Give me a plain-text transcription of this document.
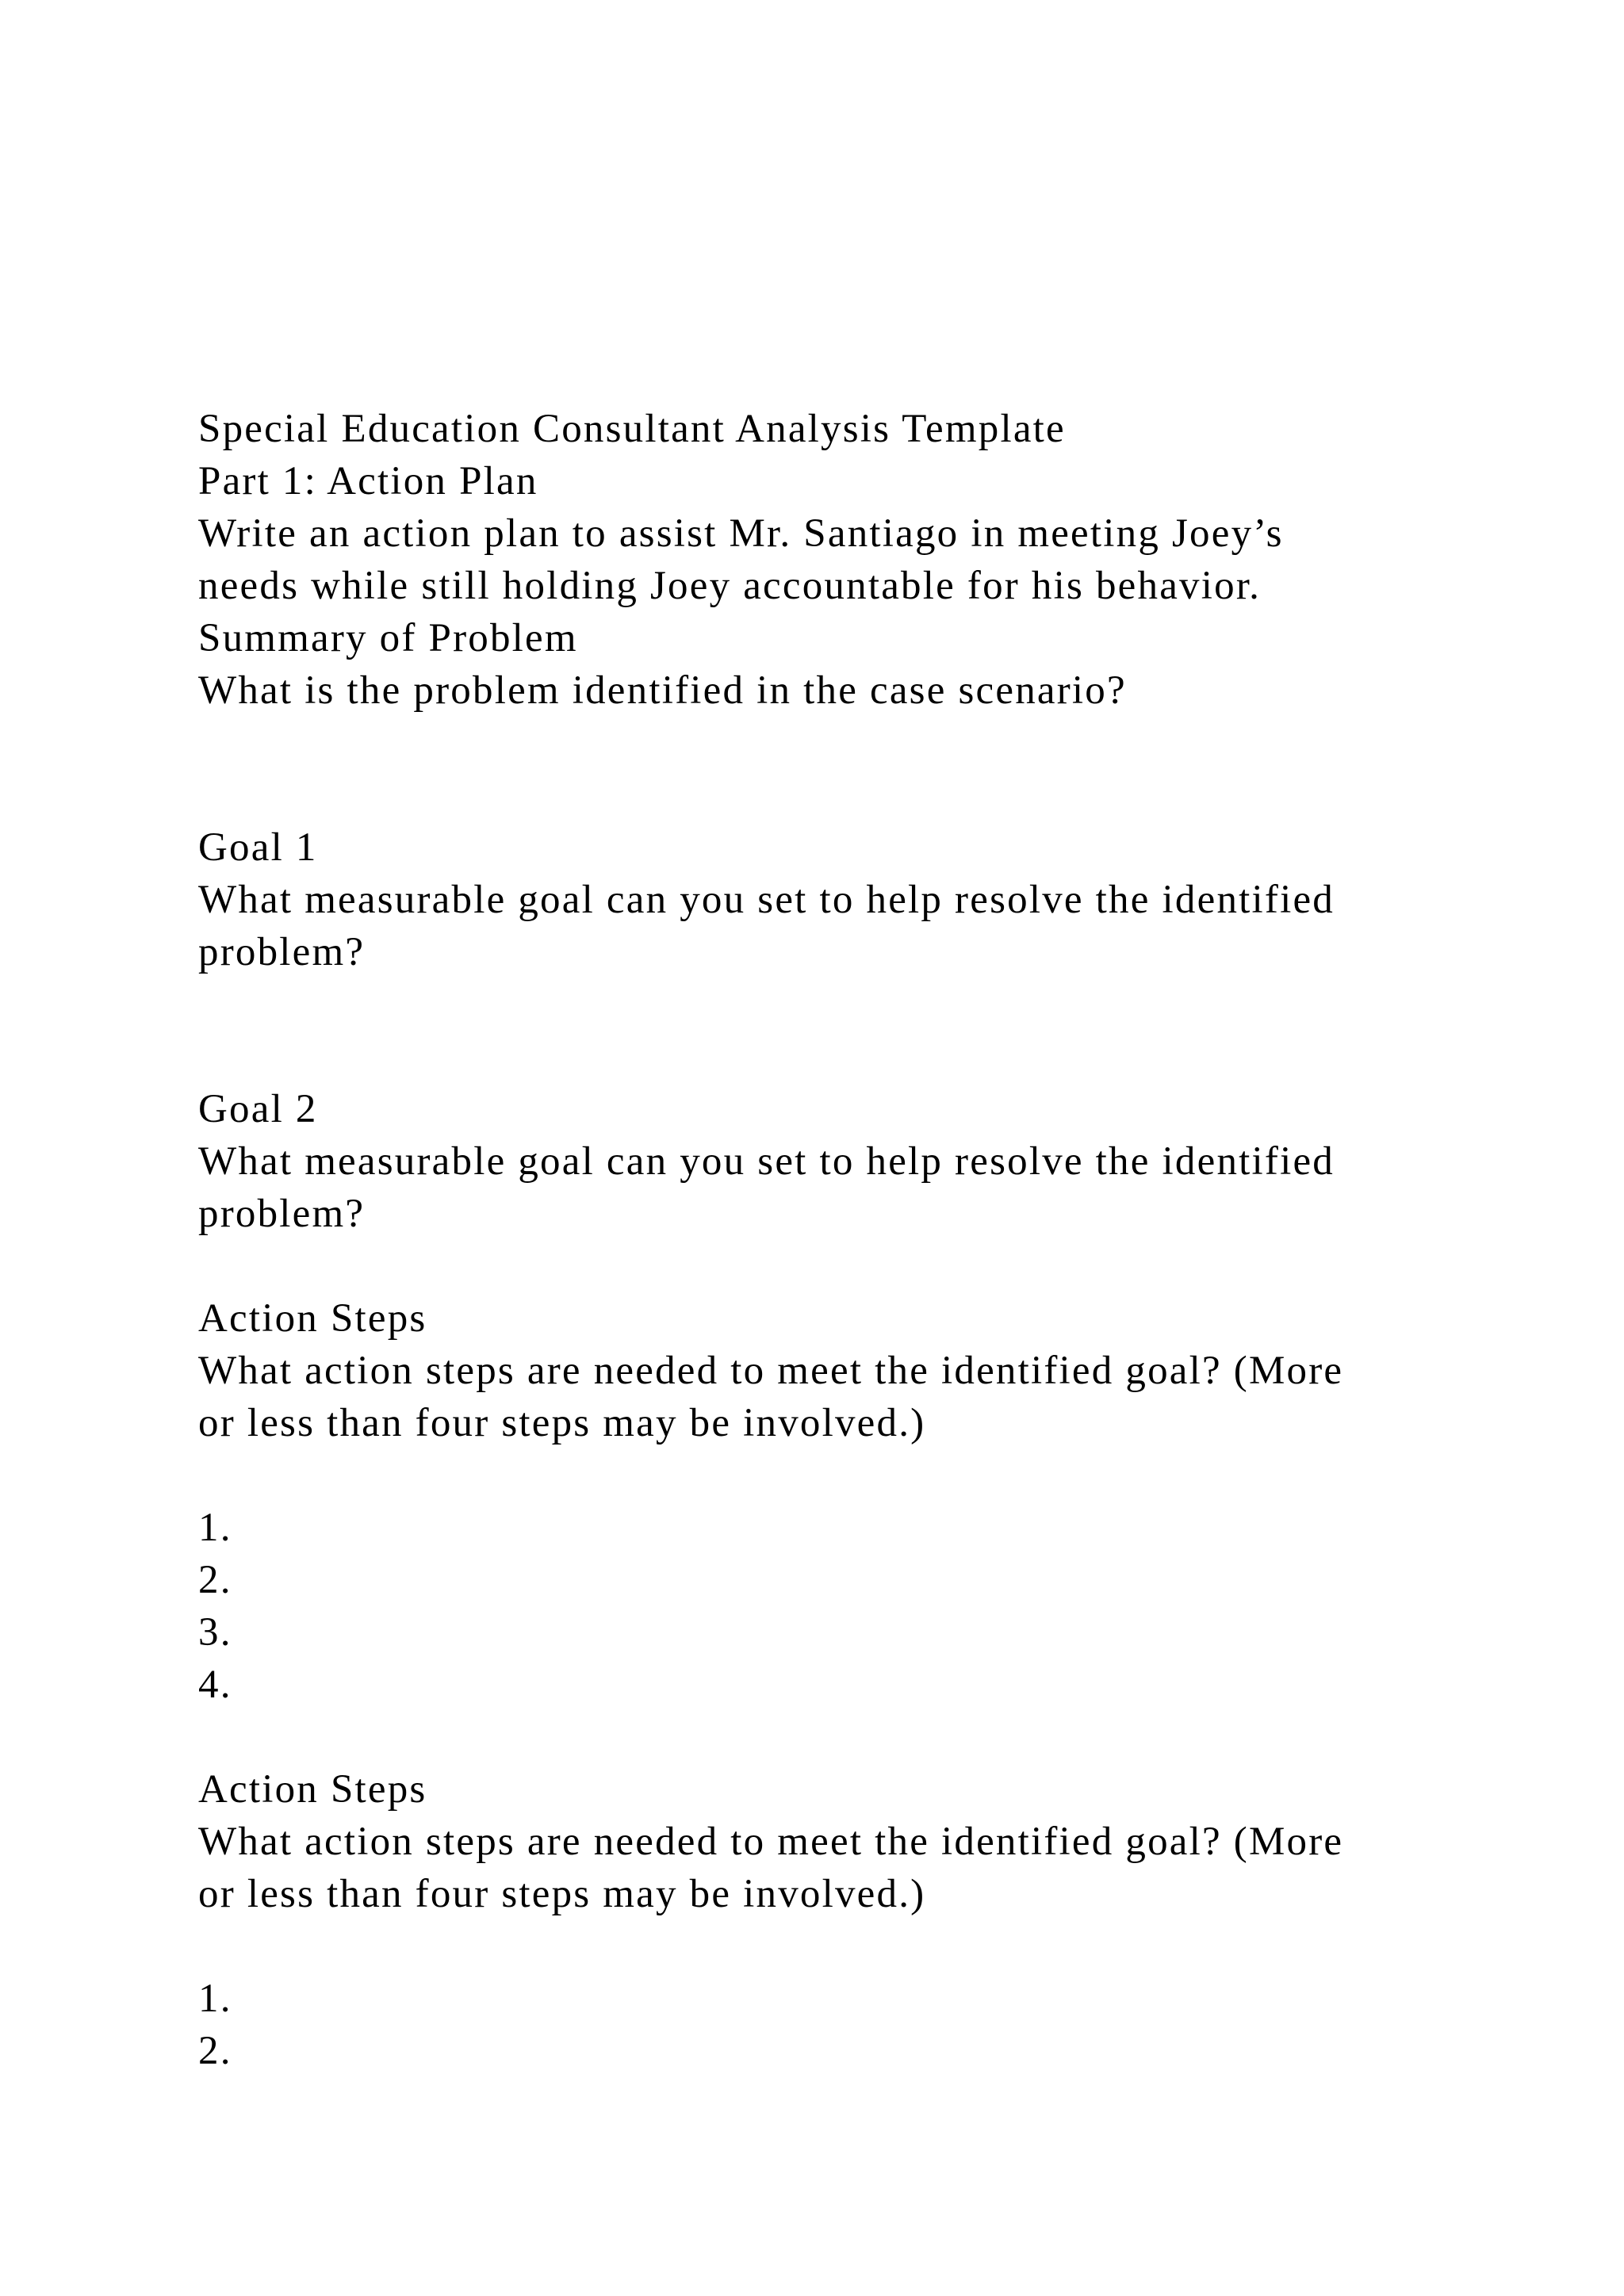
Special Education Consultant Analysis Template
Part 1: Action Plan
Write an action plan to assist Mr. Santiago in meeting Joey’s
needs while still holding Joey accountable for his behavior.
Summary of Problem
What is the problem identified in the case scenario?
Goal 1
What measurable goal can you set to help resolve the identified
problem?
Goal 2
What measurable goal can you set to help resolve the identified
problem?
Action Steps
What action steps are needed to meet the identified goal? (More
or less than four steps may be involved.)
1.
2.
3.
4.
Action Steps
What action steps are needed to meet the identified goal? (More
or less than four steps may be involved.)
1.
2.
